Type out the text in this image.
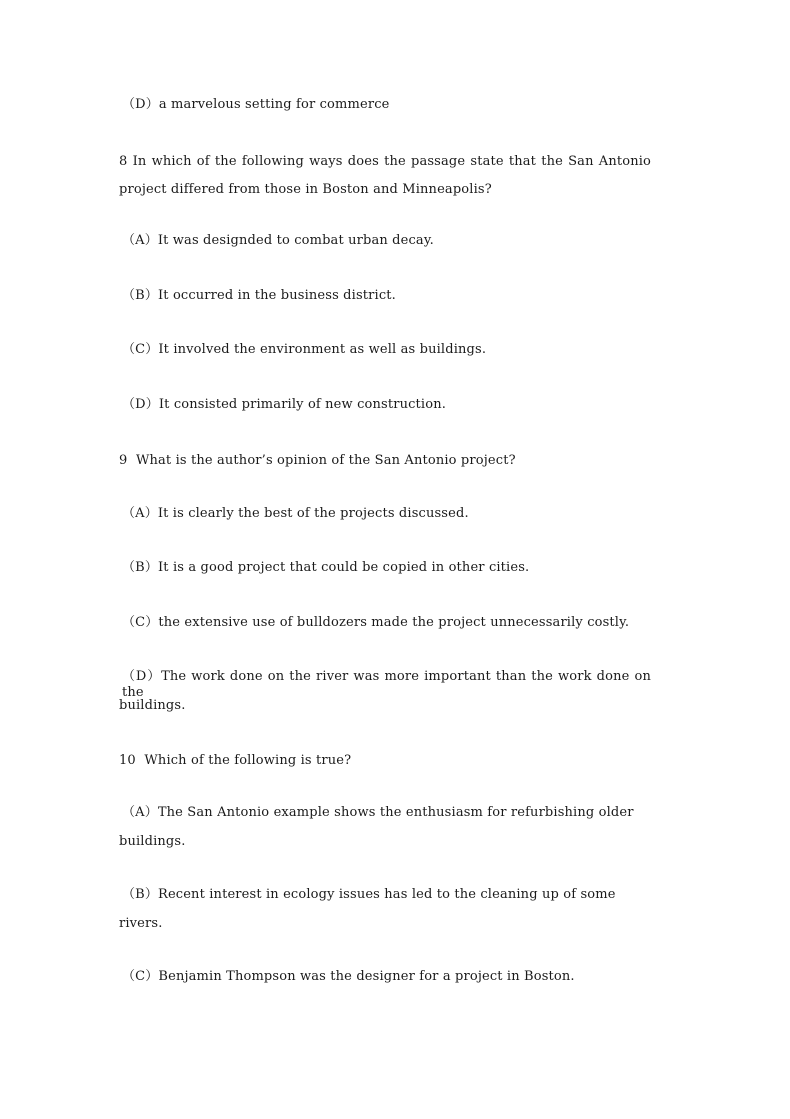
（D）a marvelous setting for commerce
8 In which of the following ways does the passage state that the San Antonio
project differed from those in Boston and Minneapolis?
（A）It was designded to combat urban decay.
（B）It occurred in the business district.
（C）It involved the environment as well as buildings.
（D）It consisted primarily of new construction.
9  What is the author’s opinion of the San Antonio project?
（A）It is clearly the best of the projects discussed.
（B）It is a good project that could be copied in other cities.
（C）the extensive use of bulldozers made the project unnecessarily costly.
（D）The work done on the river was more important than the work done on the
buildings.
10  Which of the following is true?
（A）The San Antonio example shows the enthusiasm for refurbishing older
buildings.
（B）Recent interest in ecology issues has led to the cleaning up of some
rivers.
（C）Benjamin Thompson was the designer for a project in Boston.
